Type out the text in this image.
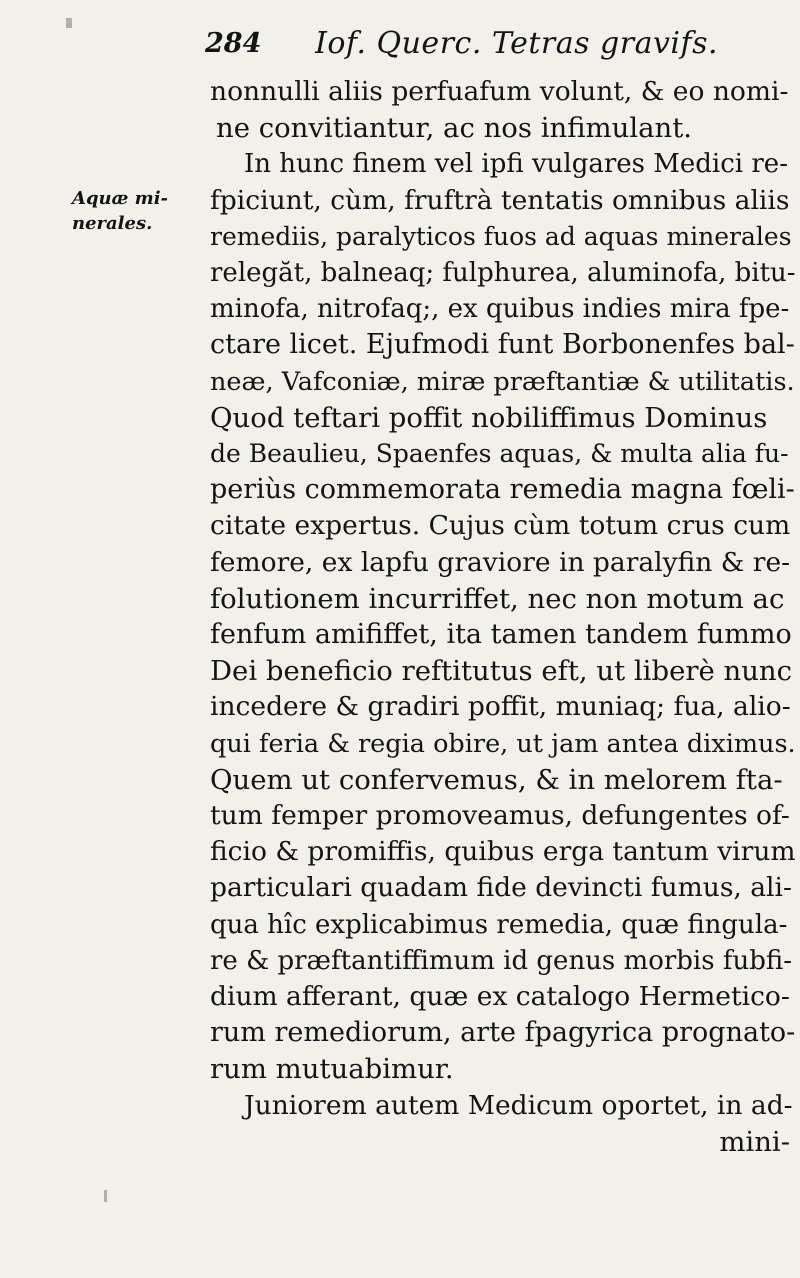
284 Iof. Querc. Tetras gravifs.
Aquæ mi-
nerales.
nonnulli aliis perfuafum volunt, & eo nomi-
ne convitiantur, ac nos infimulant.
In hunc finem vel ipfi vulgares Medici re-
fpiciunt, cùm, fruftrà tentatis omnibus aliis
remediis, paralyticos fuos ad aquas minerales
relegăt, balneaq; fulphurea, aluminofa, bitu-
minofa, nitrofaq;, ex quibus indies mira fpe-
ctare licet. Ejufmodi funt Borbonenfes bal-
neæ, Vafconiæ, miræ præftantiæ & utilitatis.
Quod teftari poffit nobiliffimus Dominus
de Beaulieu, Spaenfes aquas, & multa alia fu-
periùs commemorata remedia magna fœli-
citate expertus. Cujus cùm totum crus cum
femore, ex lapfu graviore in paralyfin & re-
folutionem incurriffet, nec non motum ac
fenfum amififfet, ita tamen tandem fummo
Dei beneficio reftitutus eft, ut liberè nunc
incedere & gradiri poffit, muniaq; fua, alio-
qui feria & regia obire, ut jam antea diximus.
Quem ut confervemus, & in melorem fta-
tum femper promoveamus, defungentes of-
ficio & promiffis, quibus erga tantum virum
particulari quadam fide devincti fumus, ali-
qua hîc explicabimus remedia, quæ fingula-
re & præftantiffimum id genus morbis fubfi-
dium afferant, quæ ex catalogo Hermetico-
rum remediorum, arte fpagyrica prognato-
rum mutuabimur.
Juniorem autem Medicum oportet, in ad-
mini-
